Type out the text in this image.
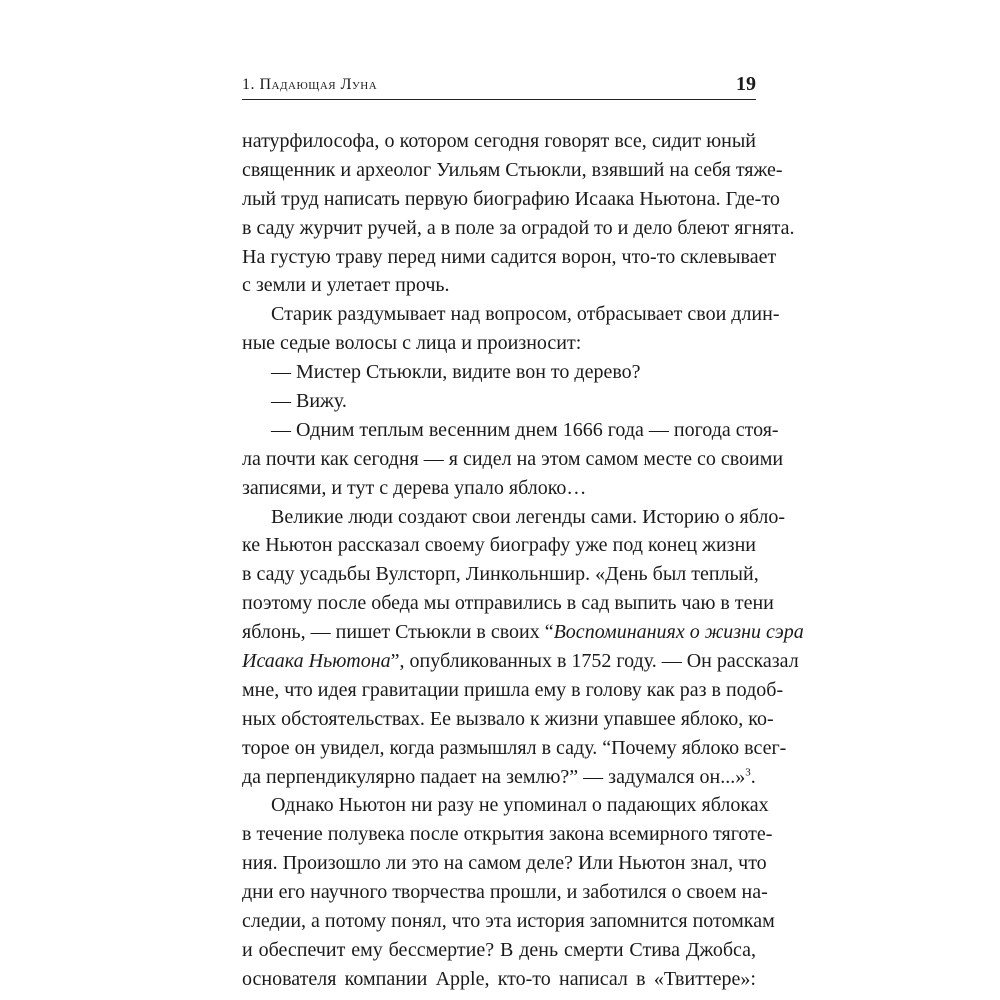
1. Падающая Луна	19
натурфилософа, о котором сегодня говорят все, сидит юный
священник и археолог Уильям Стьюкли, взявший на себя тяже-
лый труд написать первую биографию Исаака Ньютона. Где-то
в саду журчит ручей, а в поле за оградой то и дело блеют ягнята.
На густую траву перед ними садится ворон, что-то склевывает
с земли и улетает прочь.
Старик раздумывает над вопросом, отбрасывает свои длин-
ные седые волосы с лица и произносит:
— Мистер Стьюкли, видите вон то дерево?
— Вижу.
— Одним теплым весенним днем 1666 года — погода стоя-
ла почти как сегодня — я сидел на этом самом месте со своими
записями, и тут с дерева упало яблоко…
Великие люди создают свои легенды сами. Историю о ябло-
ке Ньютон рассказал своему биографу уже под конец жизни
в саду усадьбы Вулсторп, Линкольншир. «День был теплый,
поэтому после обеда мы отправились в сад выпить чаю в тени
яблонь, — пишет Стьюкли в своих “Воспоминаниях о жизни сэра
Исаака Ньютона”, опубликованных в 1752 году. — Он рассказал
мне, что идея гравитации пришла ему в голову как раз в подоб-
ных обстоятельствах. Ее вызвало к жизни упавшее яблоко, ко-
торое он увидел, когда размышлял в саду. “Почему яблоко всег-
да перпендикулярно падает на землю?” — задумался он...»$^3$.
Однако Ньютон ни разу не упоминал о падающих яблоках
в течение полувека после открытия закона всемирного тяготе-
ния. Произошло ли это на самом деле? Или Ньютон знал, что
дни его научного творчества прошли, и заботился о своем на-
следии, а потому понял, что эта история запомнится потомкам
и обеспечит ему бессмертие? В день смерти Стива Джобса,
основателя компании Apple, кто-то написал в «Твиттере»:
